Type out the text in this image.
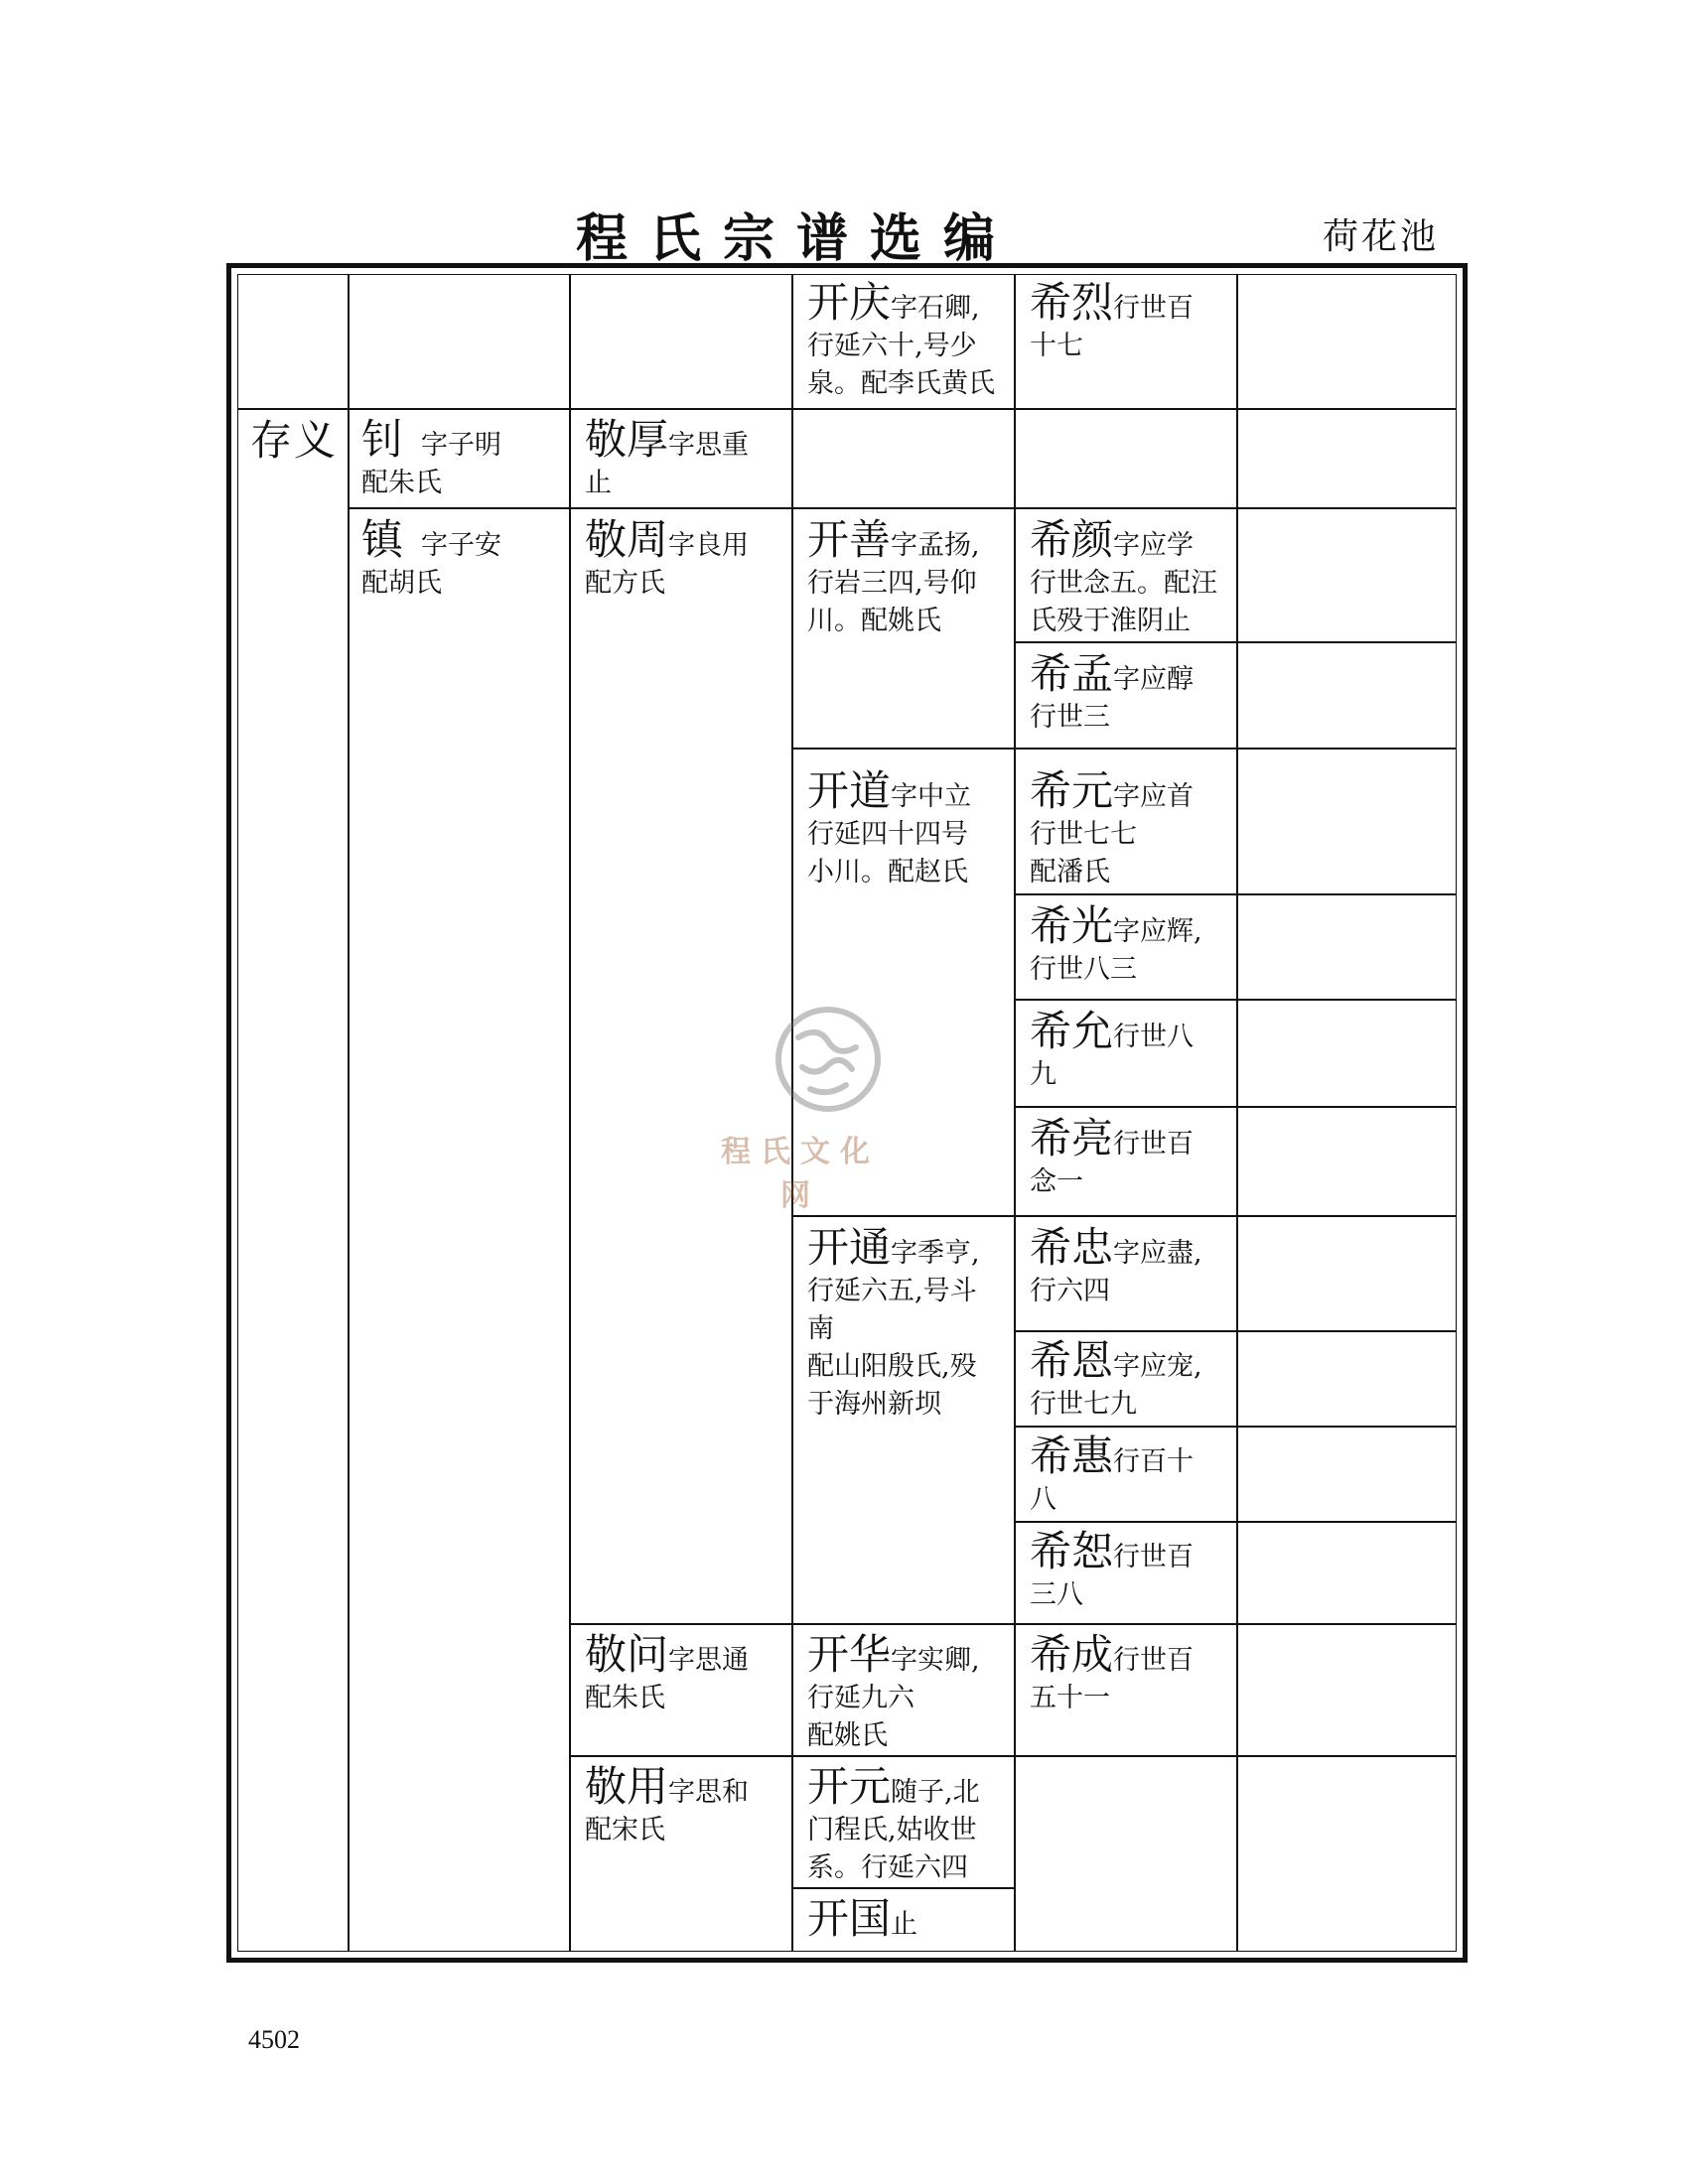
程氏宗谱选编	荷花池
开庆字石卿,
行延六十,号少
泉。配李氏黄氏
希烈行世百
十七
存义 钊字子明
配朱氏
敬厚字思重
止
镇字子安
配胡氏
敬周字良用
配方氏
开善字孟扬,
行岩三四,号仰
川。配姚氏
希颜字应学
行世念五。配汪
氏殁于淮阴止
希孟字应醇
行世三
开道字中立
行延四十四号
小川。配赵氏
希元字应首
行世七七
配潘氏
希光字应辉,
行世八三
希允行世八
九
希亮行世百
念一
开通字季亨,
行延六五,号斗
南
配山阳殷氏,殁
于海州新坝
希忠字应盡,
行六四
希恩字应宠,
行世七九
希惠行百十
八
希恕行世百
三八
敬问字思通
配朱氏
开华字实卿,
行延九六
配姚氏
希成行世百
五十一
敬用字思和
配宋氏
开元随子,北
门程氏,姑收世
系。行延六四
开国止
程氏文化网
4502
